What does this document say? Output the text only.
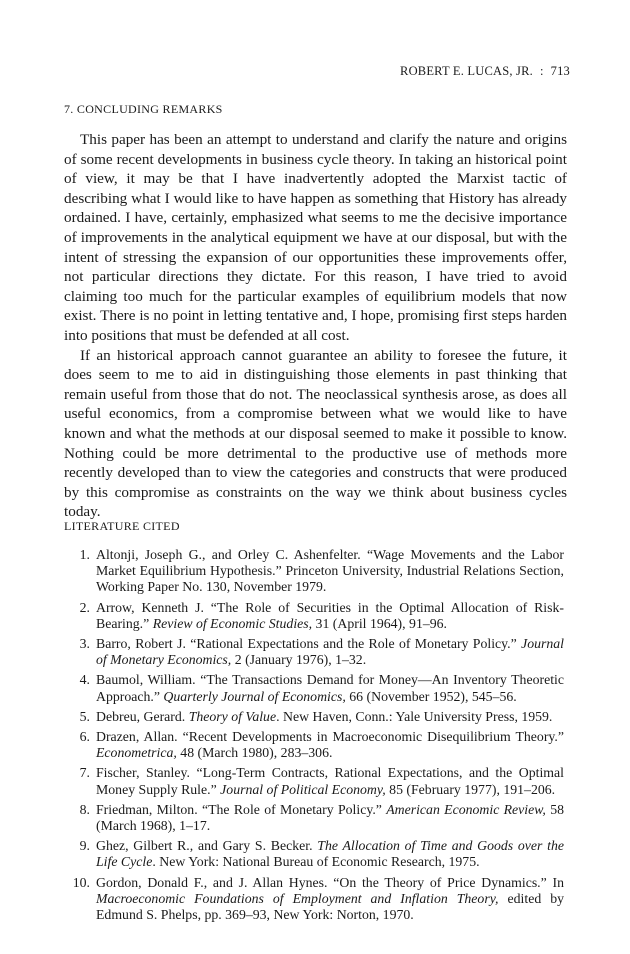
ROBERT E. LUCAS, JR. : 713
7. CONCLUDING REMARKS

This paper has been an attempt to understand and clarify the nature and origins of some recent developments in business cycle theory. In taking an historical point of view, it may be that I have inadvertently adopted the Marxist tactic of describing what I would like to have happen as something that History has already ordained. I have, certainly, emphasized what seems to me the decisive importance of improvements in the analytical equipment we have at our disposal, but with the intent of stressing the expansion of our opportunities these improvements offer, not particular directions they dictate. For this reason, I have tried to avoid claiming too much for the particular examples of equilibrium models that now exist. There is no point in letting tentative and, I hope, promising first steps harden into positions that must be defended at all cost.

If an historical approach cannot guarantee an ability to foresee the future, it does seem to me to aid in distinguishing those elements in past thinking that remain useful from those that do not. The neoclassical synthesis arose, as does all useful economics, from a compromise between what we would like to have known and what the methods at our disposal seemed to make it possible to know. Nothing could be more detrimental to the productive use of methods more recently developed than to view the categories and constructs that were produced by this compromise as constraints on the way we think about business cycles today.

LITERATURE CITED
1. Altonji, Joseph G., and Orley C. Ashenfelter. “Wage Movements and the Labor Market Equilibrium Hypothesis.” Princeton University, Industrial Relations Section, Working Paper No. 130, November 1979.
2. Arrow, Kenneth J. “The Role of Securities in the Optimal Allocation of Risk-Bearing.” Review of Economic Studies, 31 (April 1964), 91–96.
3. Barro, Robert J. “Rational Expectations and the Role of Monetary Policy.” Journal of Monetary Economics, 2 (January 1976), 1–32.
4. Baumol, William. “The Transactions Demand for Money—An Inventory Theoretic Approach.” Quarterly Journal of Economics, 66 (November 1952), 545–56.
5. Debreu, Gerard. Theory of Value. New Haven, Conn.: Yale University Press, 1959.
6. Drazen, Allan. “Recent Developments in Macroeconomic Disequilibrium Theory.” Econometrica, 48 (March 1980), 283–306.
7. Fischer, Stanley. “Long-Term Contracts, Rational Expectations, and the Optimal Money Supply Rule.” Journal of Political Economy, 85 (February 1977), 191–206.
8. Friedman, Milton. “The Role of Monetary Policy.” American Economic Review, 58 (March 1968), 1–17.
9. Ghez, Gilbert R., and Gary S. Becker. The Allocation of Time and Goods over the Life Cycle. New York: National Bureau of Economic Research, 1975.
10. Gordon, Donald F., and J. Allan Hynes. “On the Theory of Price Dynamics.” In Macroeconomic Foundations of Employment and Inflation Theory, edited by Edmund S. Phelps, pp. 369–93, New York: Norton, 1970.
